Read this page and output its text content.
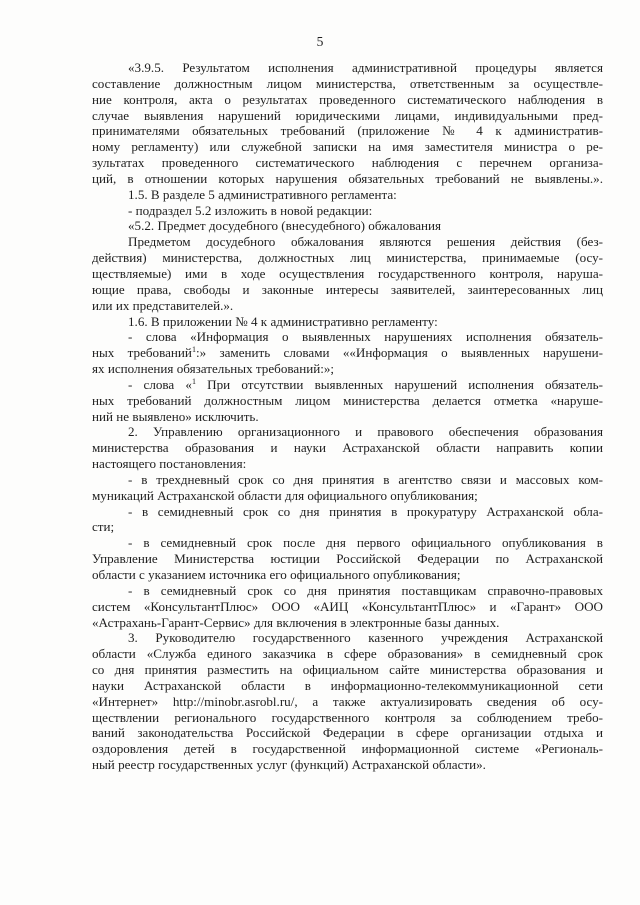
5
«3.9.5. Результатом исполнения административной процедуры является
составление должностным лицом министерства, ответственным за осуществле-
ние контроля, акта о результатах проведенного систематического наблюдения в
случае выявления нарушений юридическими лицами, индивидуальными пред-
принимателями обязательных требований (приложение № 4 к административ-
ному регламенту) или служебной записки на имя заместителя министра о ре-
зультатах проведенного систематического наблюдения с перечнем организа-
ций, в отношении которых нарушения обязательных требований не выявлены.».
1.5. В разделе 5 административного регламента:
- подраздел 5.2 изложить в новой редакции:
«5.2. Предмет досудебного (внесудебного) обжалования
Предметом досудебного обжалования являются решения действия (без-
действия) министерства, должностных лиц министерства, принимаемые (осу-
ществляемые) ими в ходе осуществления государственного контроля, наруша-
ющие права, свободы и законные интересы заявителей, заинтересованных лиц
или их представителей.».
1.6. В приложении № 4 к административно регламенту:
- слова «Информация о выявленных нарушениях исполнения обязатель-
ных требований$^1$:» заменить словами ««Информация о выявленных нарушени-
ях исполнения обязательных требований:»;
- слова «$^1$ При отсутствии выявленных нарушений исполнения обязатель-
ных требований должностным лицом министерства делается отметка «наруше-
ний не выявлено» исключить.
2. Управлению организационного и правового обеспечения образования
министерства образования и науки Астраханской области направить копии
настоящего постановления:
- в трехдневный срок со дня принятия в агентство связи и массовых ком-
муникаций Астраханской области для официального опубликования;
- в семидневный срок со дня принятия в прокуратуру Астраханской обла-
сти;
- в семидневный срок после дня первого официального опубликования в
Управление Министерства юстиции Российской Федерации по Астраханской
области с указанием источника его официального опубликования;
- в семидневный срок со дня принятия поставщикам справочно-правовых
систем «КонсультантПлюс» ООО «АИЦ «КонсультантПлюс» и «Гарант» ООО
«Астрахань-Гарант-Сервис» для включения в электронные базы данных.
3. Руководителю государственного казенного учреждения Астраханской
области «Служба единого заказчика в сфере образования» в семидневный срок
со дня принятия разместить на официальном сайте министерства образования и
науки Астраханской области в информационно-телекоммуникационной сети
«Интернет» http://minobr.asrobl.ru/, а также актуализировать сведения об осу-
ществлении регионального государственного контроля за соблюдением требо-
ваний законодательства Российской Федерации в сфере организации отдыха и
оздоровления детей в государственной информационной системе «Региональ-
ный реестр государственных услуг (функций) Астраханской области».
